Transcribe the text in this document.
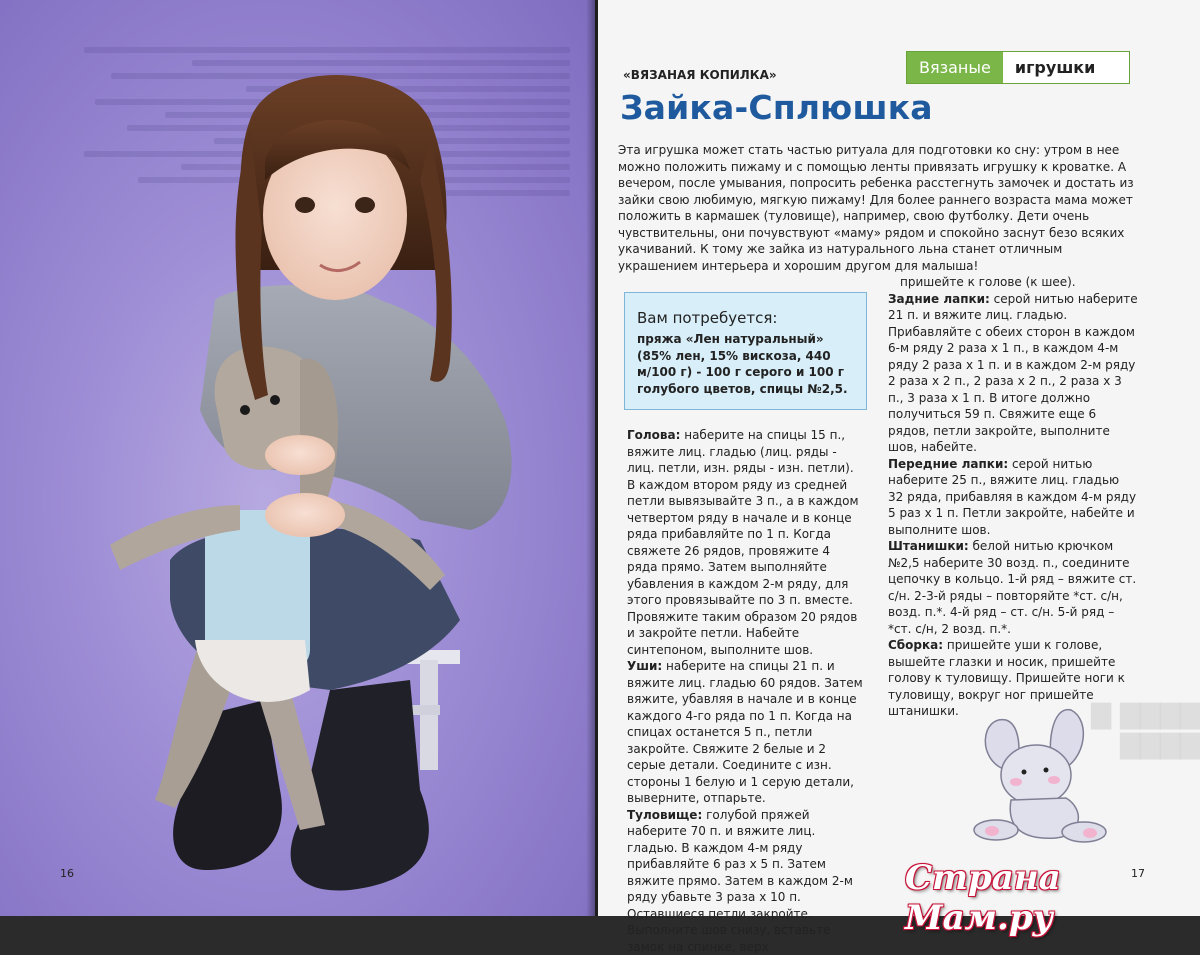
16
«ВЯЗАНАЯ КОПИЛКА»
Зайка-Сплюшка
Вязаные	игрушки
Эта игрушка может стать частью ритуала для подготовки ко сну: утром в нее можно положить пижаму и с помощью ленты привязать игрушку к кроватке. А вечером, после умывания, попросить ребенка расстегнуть замочек и достать из зайки свою любимую, мягкую пижаму! Для более раннего возраста мама может положить в кармашек (туловище), например, свою футболку. Дети очень чувствительны, они почувствуют «маму» рядом и спокойно заснут безо всяких укачиваний. К тому же зайка из натурального льна станет отличным украшением интерьера и хорошим другом для малыша!
Вам потребуется:
пряжа «Лен натуральный» (85% лен, 15% вискоза, 440 м/100 г) - 100 г серого и 100 г голубого цветов, спицы №2,5.

Голова: наберите на спицы 15 п., вяжите лиц. гладью (лиц. ряды - лиц. петли, изн. ряды - изн. петли). В каждом втором ряду из средней петли вывязывайте 3 п., а в каждом четвертом ряду в начале и в конце ряда прибавляйте по 1 п. Когда свяжете 26 рядов, провяжите 4 ряда прямо. Затем выполняйте убавления в каждом 2-м ряду, для этого провязывайте по 3 п. вместе. Провяжите таким образом 20 рядов и закройте петли. Набейте синтепоном, выполните шов.

Уши: наберите на спицы 21 п. и вяжите лиц. гладью 60 рядов. Затем вяжите, убавляя в начале и в конце каждого 4-го ряда по 1 п. Когда на спицах останется 5 п., петли закройте. Свяжите 2 белые и 2 серые детали. Соедините с изн. стороны 1 белую и 1 серую детали, выверните, отпарьте.

Туловище: голубой пряжей наберите 70 п. и вяжите лиц. гладью. В каждом 4-м ряду прибавляйте 6 раз х 5 п. Затем вяжите прямо. Затем в каждом 2-м ряду убавьте 3 раза х 10 п. Оставшиеся петли закройте. Выполните шов снизу, вставьте замок на спинке, верх

пришейте к голове (к шее).

Задние лапки: серой нитью наберите 21 п. и вяжите лиц. гладью. Прибавляйте с обеих сторон в каждом 6-м ряду 2 раза х 1 п., в каждом 4-м ряду 2 раза х 1 п. и в каждом 2-м ряду 2 раза х 2 п., 2 раза х 2 п., 2 раза х 3 п., 3 раза х 1 п. В итоге должно получиться 59 п. Свяжите еще 6 рядов, петли закройте, выполните шов, набейте.

Передние лапки: серой нитью наберите 25 п., вяжите лиц. гладью 32 ряда, прибавляя в каждом 4-м ряду 5 раз х 1 п. Петли закройте, набейте и выполните шов.

Штанишки: белой нитью крючком №2,5 наберите 30 возд. п., соедините цепочку в кольцо. 1-й ряд – вяжите ст. с/н. 2-3-й ряды – повторяйте *ст. с/н, возд. п.*. 4-й ряд – ст. с/н. 5-й ряд – *ст. с/н, 2 возд. п.*.

Сборка: пришейте уши к голове, вышейте глазки и носик, пришейте голову к туловищу. Пришейте ноги к туловищу, вокруг ног пришейте штанишки.	▇▇▇▇ ▇ ▇▇▇▇
17
Страна Мам.ру
